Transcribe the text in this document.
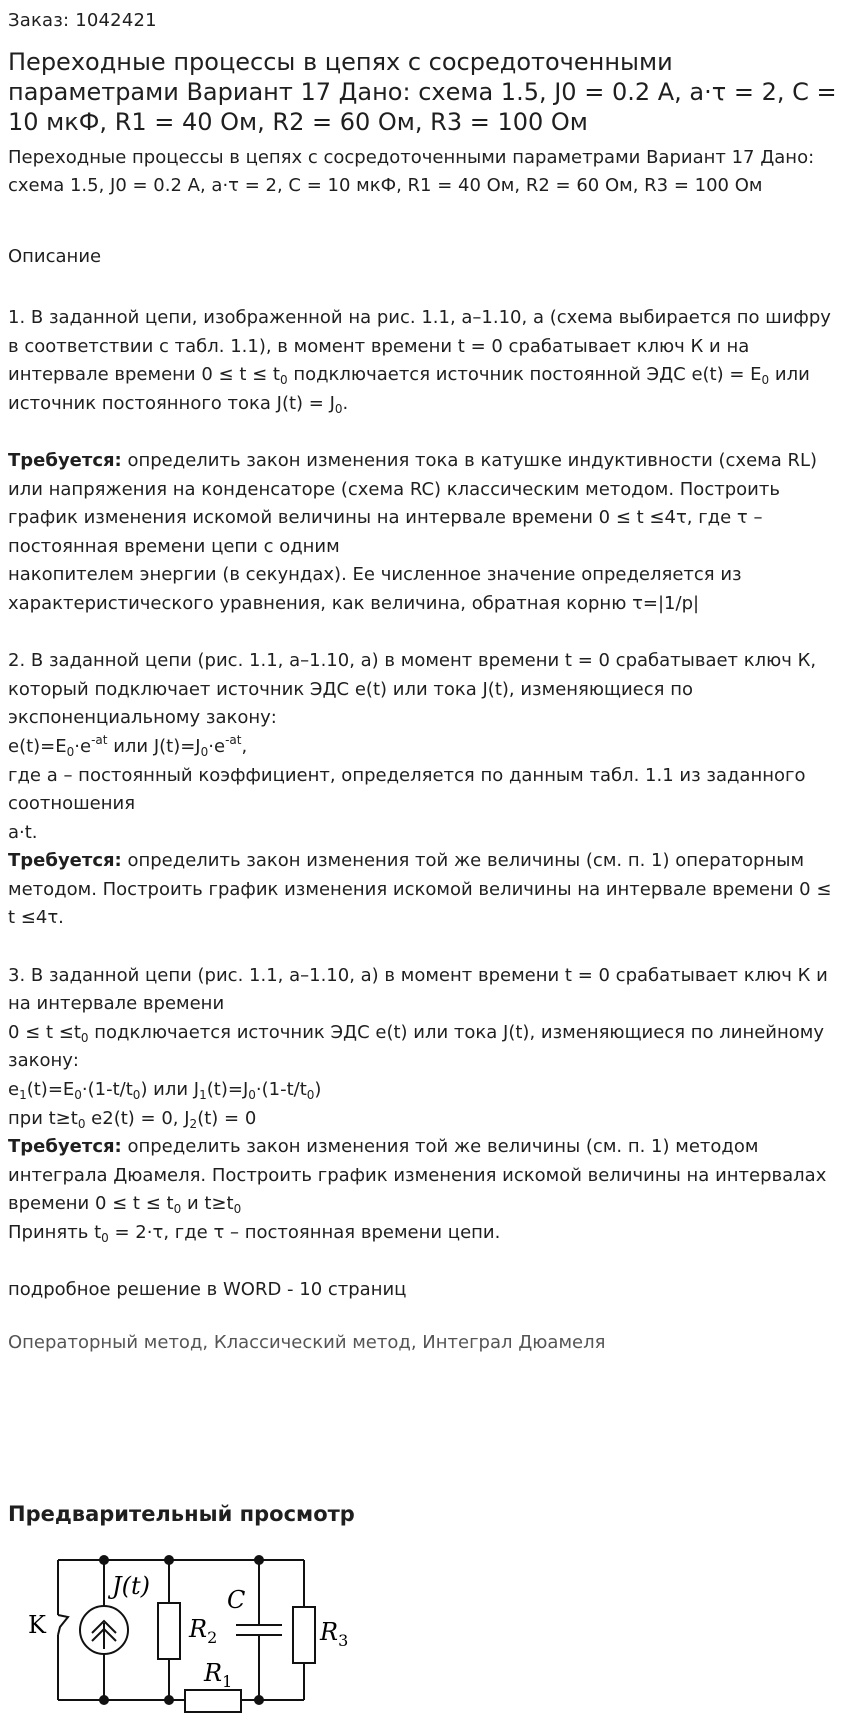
Заказ: 1042421
Переходные процессы в цепях с сосредоточенными параметрами Вариант 17 Дано: схема 1.5, J0 = 0.2 А, a·τ = 2, C = 10 мкФ, R1 = 40 Ом, R2 = 60 Ом, R3 = 100 Ом
Переходные процессы в цепях с сосредоточенными параметрами Вариант 17 Дано: схема 1.5, J0 = 0.2 А, a·τ = 2, C = 10 мкФ, R1 = 40 Ом, R2 = 60 Ом, R3 = 100 Ом
Описание

1. В заданной цепи, изображенной на рис. 1.1, а–1.10, а (схема выбирается по шифру в соответствии с табл. 1.1), в момент времени t = 0 срабатывает ключ К и на интервале времени $0 \le t \le t_0$ подключается источник постоянной ЭДС $e(t) = E_0$ или источник постоянного тока $J(t) = J_0$.

Требуется: определить закон изменения тока в катушке индуктивности (схема RL) или напряжения на конденсаторе (схема RC) классическим методом. Построить график изменения искомой величины на интервале времени 0 ≤ t ≤4τ, где τ – постоянная времени цепи с одним

накопителем энергии (в секундах). Ее численное значение определяется из характеристического уравнения, как величина, обратная корню τ=|1/p|

2. В заданной цепи (рис. 1.1, а–1.10, а) в момент времени t = 0 срабатывает ключ К, который подключает источник ЭДС e(t) или тока J(t), изменяющиеся по экспоненциальному закону:

$e(t)=E_0\cdot e^{-at}$ или $J(t)=J_0\cdot e^{-at}$,

где a – постоянный коэффициент, определяется по данным табл. 1.1 из заданного соотношения

a·t.

Требуется: определить закон изменения той же величины (см. п. 1) операторным методом. Построить график изменения искомой величины на интервале времени 0 ≤ t ≤4τ.

3. В заданной цепи (рис. 1.1, а–1.10, а) в момент времени t = 0 срабатывает ключ К и на интервале времени

$0 \le t \le t_0$ подключается источник ЭДС e(t) или тока J(t), изменяющиеся по линейному закону:

$e_1(t)=E_0\cdot(1-t/t_0)$ или $J_1(t)=J_0\cdot(1-t/t_0)$

при $t\ge t_0$ e2(t) = 0, $J_2(t) = 0$

Требуется: определить закон изменения той же величины (см. п. 1) методом интеграла Дюамеля. Построить график изменения искомой величины на интервалах времени $0 \le t \le t_0$ и $t\ge t_0$

Принять $t_0 = 2\cdot\tau$, где τ – постоянная времени цепи.

подробное решение в WORD - 10 страниц

Операторный метод, Классический метод, Интеграл Дюамеля
Предварительный просмотр
K
J(t)
$R_2$
C
$R_3$
$R_1$
